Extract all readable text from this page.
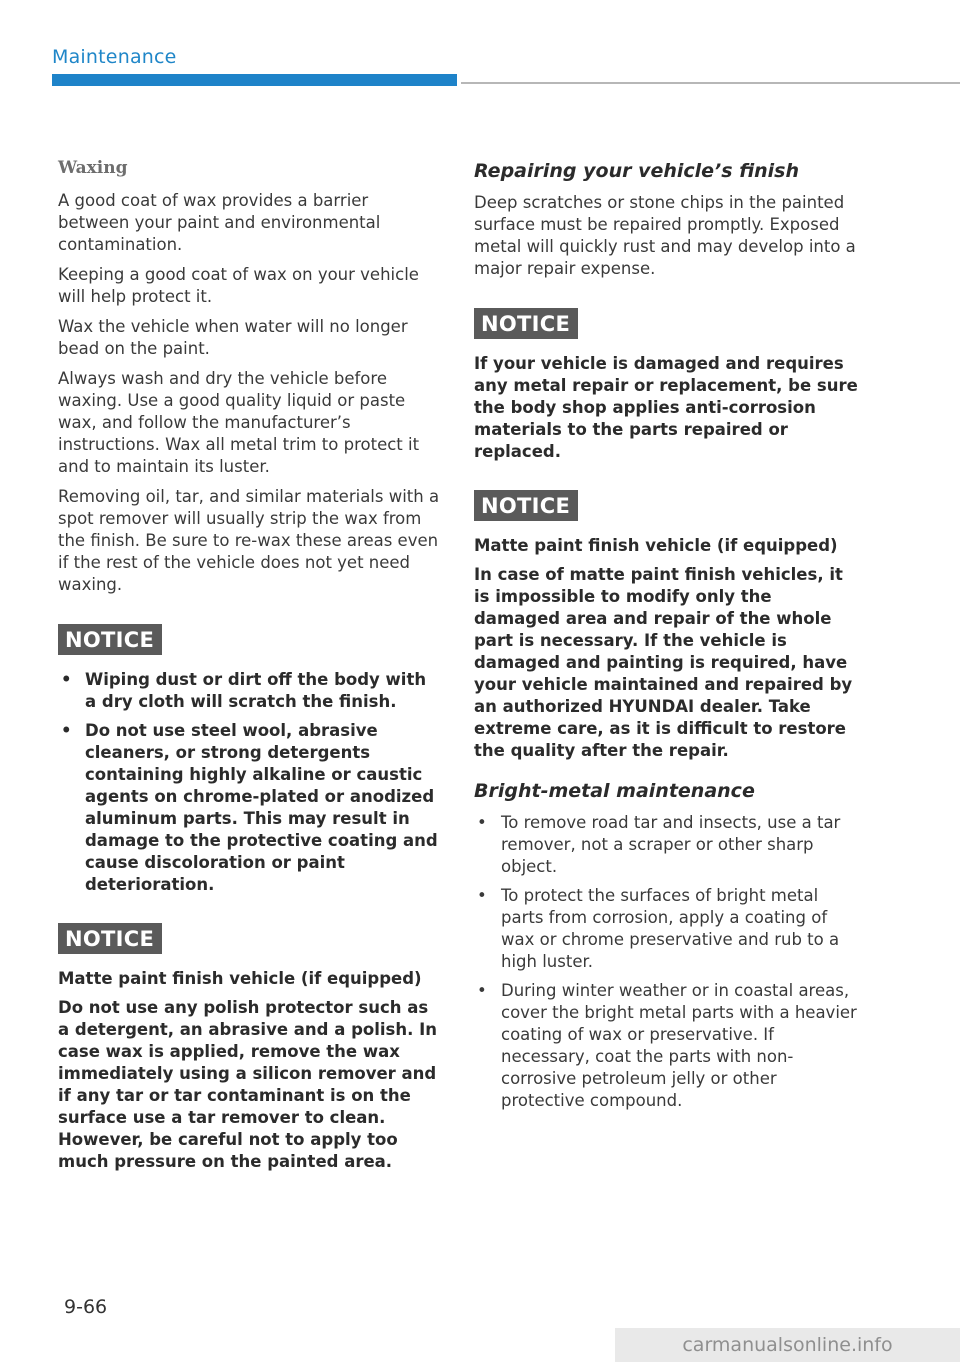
Maintenance
Waxing

A good coat of wax provides a barrier between your paint and environmental contamination.

Keeping a good coat of wax on your vehicle will help protect it.

Wax the vehicle when water will no longer bead on the paint.

Always wash and dry the vehicle before waxing. Use a good quality liquid or paste wax, and follow the manufacturer’s instructions. Wax all metal trim to protect it and to maintain its luster.

Removing oil, tar, and similar materials with a spot remover will usually strip the wax from the finish. Be sure to re-wax these areas even if the rest of the vehicle does not yet need waxing.

NOTICE
• Wiping dust or dirt off the body with a dry cloth will scratch the finish.
• Do not use steel wool, abrasive cleaners, or strong detergents containing highly alkaline or caustic agents on chrome-plated or anodized aluminum parts. This may result in damage to the protective coating and cause discoloration or paint deterioration.
NOTICE

Matte paint finish vehicle (if equipped)

Do not use any polish protector such as a detergent, an abrasive and a polish. In case wax is applied, remove the wax immediately using a silicon remover and if any tar or tar contaminant is on the surface use a tar remover to clean. However, be careful not to apply too much pressure on the painted area.

Repairing your vehicle’s finish

Deep scratches or stone chips in the painted surface must be repaired promptly. Exposed metal will quickly rust and may develop into a major repair expense.

NOTICE

If your vehicle is damaged and requires any metal repair or replacement, be sure the body shop applies anti-corrosion materials to the parts repaired or replaced.

NOTICE

Matte paint finish vehicle (if equipped)

In case of matte paint finish vehicles, it is impossible to modify only the damaged area and repair of the whole part is necessary. If the vehicle is damaged and painting is required, have your vehicle maintained and repaired by an authorized HYUNDAI dealer. Take extreme care, as it is difficult to restore the quality after the repair.

Bright-metal maintenance
• To remove road tar and insects, use a tar remover, not a scraper or other sharp object.
• To protect the surfaces of bright metal parts from corrosion, apply a coating of wax or chrome preservative and rub to a high luster.
• During winter weather or in coastal areas, cover the bright metal parts with a heavier coating of wax or preservative. If necessary, coat the parts with non-corrosive petroleum jelly or other protective compound.
9-66
carmanualsonline.info
